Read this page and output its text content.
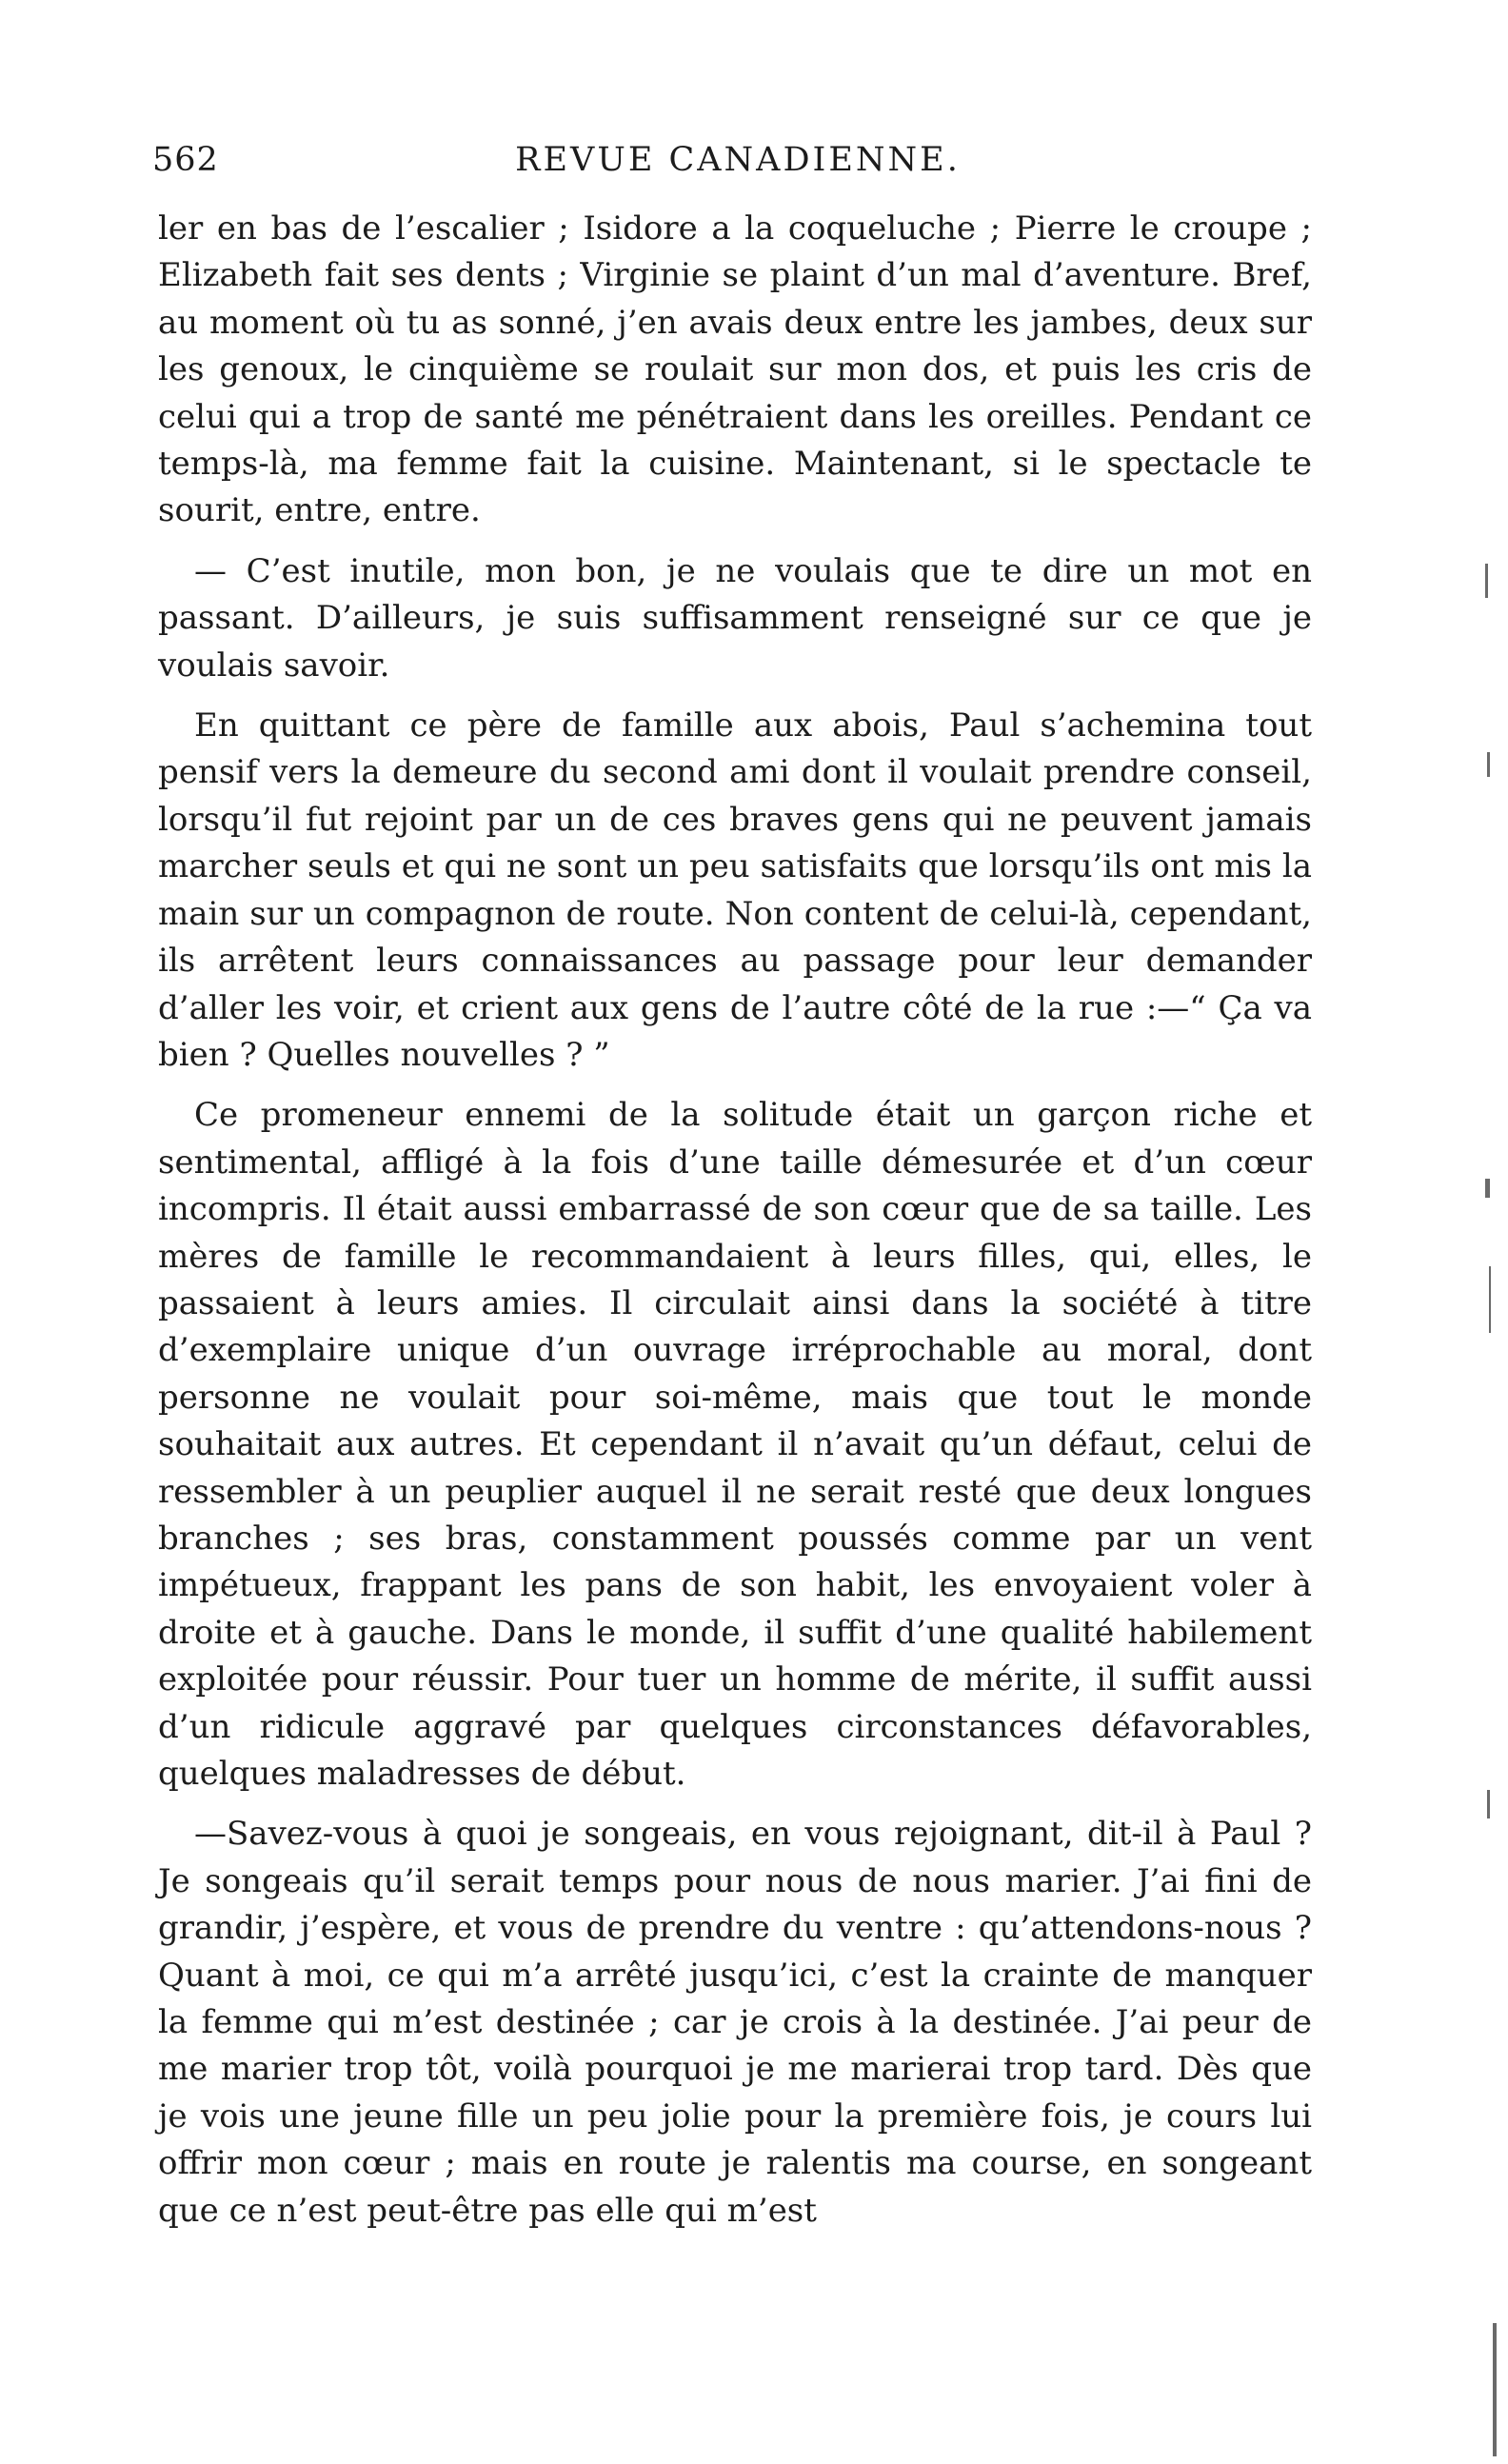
562	REVUE CANADIENNE.

ler en bas de l’escalier ; Isidore a la coqueluche ; Pierre le croupe ; Elizabeth fait ses dents ; Virginie se plaint d’un mal d’aventure. Bref, au moment où tu as sonné, j’en avais deux entre les jambes, deux sur les genoux, le cinquième se roulait sur mon dos, et puis les cris de celui qui a trop de santé me pénétraient dans les oreilles. Pendant ce temps-là, ma femme fait la cuisine. Maintenant, si le spectacle te sourit, entre, entre.

— C’est inutile, mon bon, je ne voulais que te dire un mot en passant. D’ailleurs, je suis suffisamment renseigné sur ce que je voulais savoir.

En quittant ce père de famille aux abois, Paul s’achemina tout pensif vers la demeure du second ami dont il voulait prendre conseil, lorsqu’il fut rejoint par un de ces braves gens qui ne peuvent jamais marcher seuls et qui ne sont un peu satisfaits que lorsqu’ils ont mis la main sur un compagnon de route. Non content de celui-là, cependant, ils arrêtent leurs connaissances au passage pour leur demander d’aller les voir, et crient aux gens de l’autre côté de la rue :—“ Ça va bien ? Quelles nouvelles ? ”

Ce promeneur ennemi de la solitude était un garçon riche et sentimental, affligé à la fois d’une taille démesurée et d’un cœur incompris. Il était aussi embarrassé de son cœur que de sa taille. Les mères de famille le recommandaient à leurs filles, qui, elles, le passaient à leurs amies. Il circulait ainsi dans la société à titre d’exemplaire unique d’un ouvrage irréprochable au moral, dont personne ne voulait pour soi-même, mais que tout le monde souhaitait aux autres. Et cependant il n’avait qu’un défaut, celui de ressembler à un peuplier auquel il ne serait resté que deux longues branches ; ses bras, constamment poussés comme par un vent impétueux, frappant les pans de son habit, les envoyaient voler à droite et à gauche. Dans le monde, il suffit d’une qualité habilement exploitée pour réussir. Pour tuer un homme de mérite, il suffit aussi d’un ridicule aggravé par quelques circonstances défavorables, quelques maladresses de début.

—Savez-vous à quoi je songeais, en vous rejoignant, dit-il à Paul ? Je songeais qu’il serait temps pour nous de nous marier. J’ai fini de grandir, j’espère, et vous de prendre du ventre : qu’attendons-nous ? Quant à moi, ce qui m’a arrêté jusqu’ici, c’est la crainte de manquer la femme qui m’est destinée ; car je crois à la destinée. J’ai peur de me marier trop tôt, voilà pourquoi je me marierai trop tard. Dès que je vois une jeune fille un peu jolie pour la première fois, je cours lui offrir mon cœur ; mais en route je ralentis ma course, en songeant que ce n’est peut-être pas elle qui m’est
